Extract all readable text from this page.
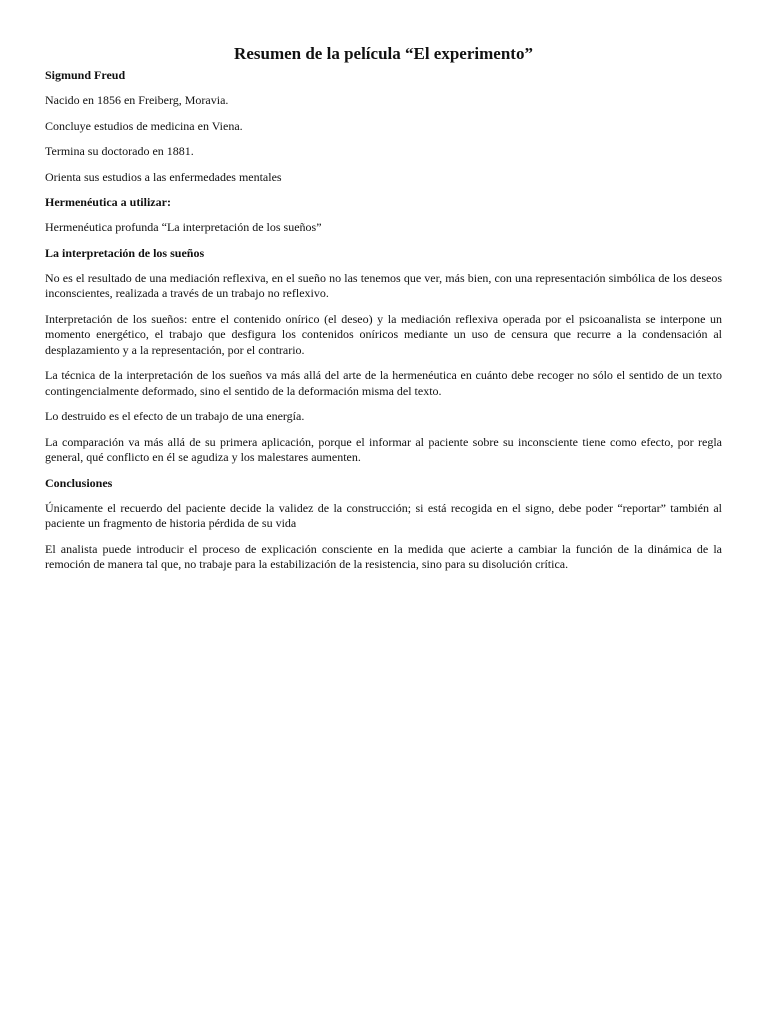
Resumen de la película “El experimento”
Sigmund Freud
Nacido en 1856 en Freiberg, Moravia.
Concluye estudios de medicina en Viena.
Termina su doctorado en 1881.
Orienta sus estudios a las enfermedades mentales
Hermenéutica a utilizar:
Hermenéutica profunda “La interpretación de los sueños”
La interpretación de los sueños
No es el resultado de una mediación reflexiva, en el sueño no las tenemos que ver, más bien, con una representación simbólica de los deseos inconscientes, realizada a través de un trabajo no reflexivo.
Interpretación de los sueños: entre el contenido onírico (el deseo) y la mediación reflexiva operada por el psicoanalista se interpone un momento energético, el trabajo que desfigura los contenidos oníricos mediante un uso de censura que recurre a la condensación al desplazamiento y a la representación, por el contrario.
La técnica de la interpretación de los sueños va más allá del arte de la hermenéutica en cuánto debe recoger no sólo el sentido de un texto contingencialmente deformado, sino el sentido de la deformación misma del texto.
Lo destruido es el efecto de un trabajo de una energía.
La comparación va más allá de su primera aplicación, porque el informar al paciente sobre su inconsciente tiene como efecto, por regla general, qué conflicto en él se agudiza y los malestares aumenten.
Conclusiones
Únicamente el recuerdo del paciente decide la validez de la construcción; si está recogida en el signo, debe poder “reportar” también al paciente un fragmento de historia pérdida de su vida
El analista puede introducir el proceso de explicación consciente en la medida que acierte a cambiar la función de la dinámica de la remoción de manera tal que, no trabaje para la estabilización de la resistencia, sino para su disolución crítica.
